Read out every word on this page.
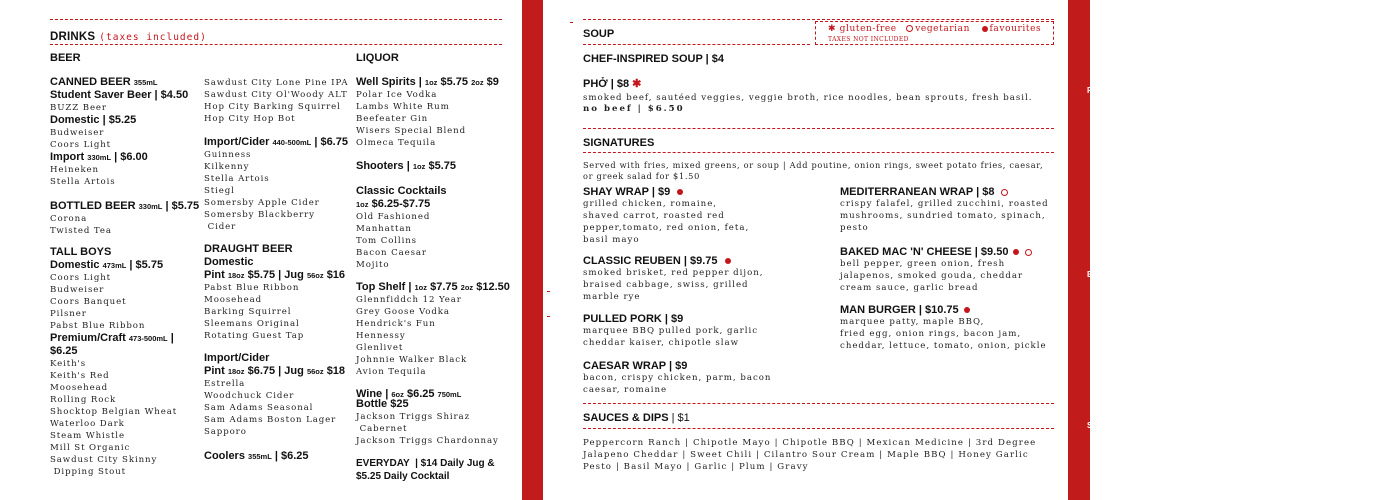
F
E
S
DRINKS (taxes included)
BEER
CANNED BEER 355mL
Student Saver Beer | $4.50
BUZZ Beer
Domestic | $5.25
Budweiser
Coors Light
Import 330mL | $6.00
Heineken
Stella Artois
BOTTLED BEER 330mL | $5.75
Corona
Twisted Tea
TALL BOYS
Domestic 473mL | $5.75
Coors Light
Budweiser
Coors Banquet
Pilsner
Pabst Blue Ribbon
Premium/Craft 473-500mL | $6.25
Keith's
Keith's Red
Moosehead
Rolling Rock
Shocktop Belgian Wheat
Waterloo Dark
Steam Whistle
Mill St Organic
Sawdust City Skinny
Dipping Stout
Sawdust City Lone Pine IPA
Sawdust City Ol'Woody ALT
Hop City Barking Squirrel
Hop City Hop Bot
Import/Cider 440-500mL | $6.75
Guinness
Kilkenny
Stella Artois
Stiegl
Somersby Apple Cider
Somersby Blackberry
Cider
DRAUGHT BEER
Domestic
Pint 18oz $5.75 | Jug 56oz $16
Pabst Blue Ribbon
Moosehead
Barking Squirrel
Sleemans Original
Rotating Guest Tap
Import/Cider
Pint 18oz $6.75 | Jug 56oz $18
Estrella
Woodchuck Cider
Sam Adams Seasonal
Sam Adams Boston Lager
Sapporo
Coolers 355mL | $6.25
LIQUOR
Well Spirits | 1oz $5.75 2oz $9
Polar Ice Vodka
Lambs White Rum
Beefeater Gin
Wisers Special Blend
Olmeca Tequila
Shooters | 1oz $5.75
Classic Cocktails
1oz $6.25-$7.75
Old Fashioned
Manhattan
Tom Collins
Bacon Caesar
Mojito
Top Shelf | 1oz $7.75 2oz $12.50
Glennfiddch 12 Year
Grey Goose Vodka
Hendrick's Fun
Hennessy
Glenlivet
Johnnie Walker Black
Avion Tequila
Wine | 6oz $6.25 750mL
Bottle $25
Jackson Triggs Shiraz
Cabernet
Jackson Triggs Chardonnay
EVERYDAY  | $14 Daily Jug &
$5.25 Daily Cocktail
✱ gluten-free vegetarian favourites
TAXES NOT INCLUDED
SOUP
CHEF-INSPIRED SOUP | $4
PHỞ | $8 ✱
smoked beef, sautéed veggies, veggie broth, rice noodles, bean sprouts, fresh basil.
no beef | $6.50
SIGNATURES
Served with fries, mixed greens, or soup | Add poutine, onion rings, sweet potato fries, caesar,
or greek salad for $1.50
SHAY WRAP | $9
grilled chicken, romaine,
shaved carrot, roasted red
pepper,tomato, red onion, feta,
basil mayo
CLASSIC REUBEN | $9.75
smoked brisket, red pepper dijon,
braised cabbage, swiss, grilled
marble rye
PULLED PORK | $9
marquee BBQ pulled pork, garlic
cheddar kaiser, chipotle slaw
CAESAR WRAP | $9
bacon, crispy chicken, parm, bacon
caesar, romaine
MEDITERRANEAN WRAP | $8
crispy falafel, grilled zucchini, roasted
mushrooms, sundried tomato, spinach,
pesto
BAKED MAC 'N' CHEESE | $9.50
bell pepper, green onion, fresh
jalapenos, smoked gouda, cheddar
cream sauce, garlic bread
MAN BURGER | $10.75
marquee patty, maple BBQ,
fried egg, onion rings, bacon jam,
cheddar, lettuce, tomato, onion, pickle
SAUCES & DIPS | $1
Peppercorn Ranch | Chipotle Mayo | Chipotle BBQ | Mexican Medicine | 3rd Degree
Jalapeno Cheddar | Sweet Chili | Cilantro Sour Cream | Maple BBQ | Honey Garlic
Pesto | Basil Mayo | Garlic | Plum | Gravy
